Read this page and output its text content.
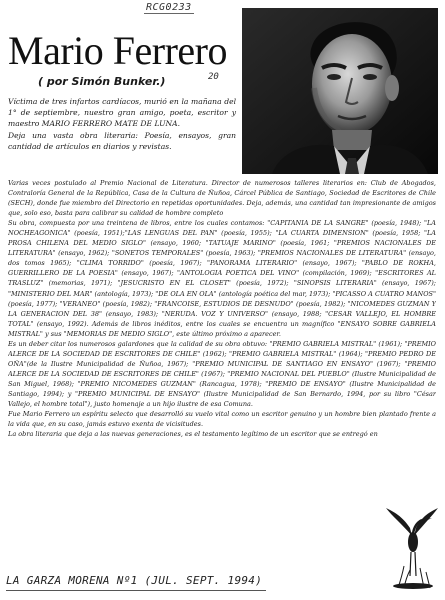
RCG0233
Mario Ferrero
( por Simón Bunker.)	20

Víctima de tres infartos cardíacos, murió en la mañana del 1° de septiembre, nuestro gran amigo, poeta, escritor y maestro MARIO FERRERO MATE DE LUNA.

Deja una vasta obra literaria: Poesía, ensayos, gran cantidad de artículos en diarios y revistas.

Varias veces postulado al Premio Nacional de Literatura. Director de numerosos talleres literarios en: Club de Abogados, Contraloría General de la República, Casa de la Cultura de Ñuñoa, Cárcel Pública de Santiago, Sociedad de Escritores de Chile (SECH), donde fue miembro del Directorio en repetidas oportunidades. Deja, además, una cantidad tan impresionante de amigos que, solo eso, basta para calibrar su calidad de hombre completo

Su obra, compuesta por una treintena de libros, entre los cuales contamos: "CAPITANIA DE LA SANGRE" (poesía, 1948); "LA NOCHEAGONICA" (poesía, 1951);"LAS LENGUAS DEL PAN" (poesía, 1955); "LA CUARTA DIMENSION" (poesía, 1958; "LA PROSA CHILENA DEL MEDIO SIGLO" (ensayo, 1960; "TATUAJE MARINO" (poesía, 1961; "PREMIOS NACIONALES DE LITERATURA" (ensayo, 1962); "SONETOS TEMPORALES" (poesía, 1963); "PREMIOS NACIONALES DE LITERATURA" (ensayo, dos tomos 1965); "CLIMA TORRIDO" (poesía, 1967); "PANORAMA LITERARIO" (ensayo, 1967); "PABLO DE ROKHA, GUERRILLERO DE LA POESIA" (ensayo, 1967); "ANTOLOGIA POETICA DEL VINO" (compilación, 1969); "ESCRITORES AL TRASLUZ" (memorias, 1971); "JESUCRISTO EN EL CLOSET" (poesía, 1972); "SINOPSIS LITERARIA" (ensayo, 1967); "MINISTERIO DEL MAR" (antología, 1973); "DE OLA EN OLA" (antología poética del mar, 1973); "PICASSO A CUATRO MANOS" (poesía, 1977); "VERANEO" (poesía, 1982); "FRANCOISE, ESTUDIOS DE DESNUDO" (poesía, 1982); "NICOMEDES GUZMAN Y LA GENERACION DEL 38" (ensayo, 1983); "NERUDA. VOZ Y UNIVERSO" (ensayo, 1988; "CESAR VALLEJO, EL HOMBRE TOTAL" (ensayo, 1992). Además de libros inéditos, entre los cuales se encuentra un magnífico "ENSAYO SOBRE GABRIELA MISTRAL" y sus "MEMORIAS DE MEDIO SIGLO", este último próximo a aparecer.

Es un deber citar los numerosos galardones que la calidad de su obra obtuvo: "PREMIO GABRIELA MISTRAL" (1961); "PREMIO ALERCE DE LA SOCIEDAD DE ESCRITORES DE CHILE" (1962); "PREMIO GABRIELA MISTRAL" (1964); "PREMIO PEDRO DE OÑA"(de la Ilustre Municipalidad de Ñuñoa, 1967); "PREMIO MUNICIPAL DE SANTIAGO EN ENSAYO" (1967); "PREMIO ALERCE DE LA SOCIEDAD DE ESCRITORES DE CHILE" (1967); "PREMIO NACIONAL DEL PUEBLO" (Ilustre Municipalidad de San Miguel, 1968); "PREMIO NICOMEDES GUZMAN" (Rancagua, 1978); "PREMIO DE ENSAYO" (Ilustre Municipalidad de Santiago, 1994); y "PREMIO MUNICIPAL DE ENSAYO" (Ilustre Municipalidad de San Bernardo, 1994, por su libro "César Vallejo, el hombre total"), justo homenaje a un hijo ilustre de esa Comuna.

Fue Mario Ferrero un espíritu selecto que desarrolló su vuelo vital como un escritor genuino y un hombre bien plantado frente a la vida que, en su caso, jamás estuvo exenta de vicisitudes.

La obra literaria que deja a las nuevas generaciones, es el testamento legítimo de un escritor que se entregó en

LA GARZA MORENA Nº1 (JUL. SEPT. 1994)
